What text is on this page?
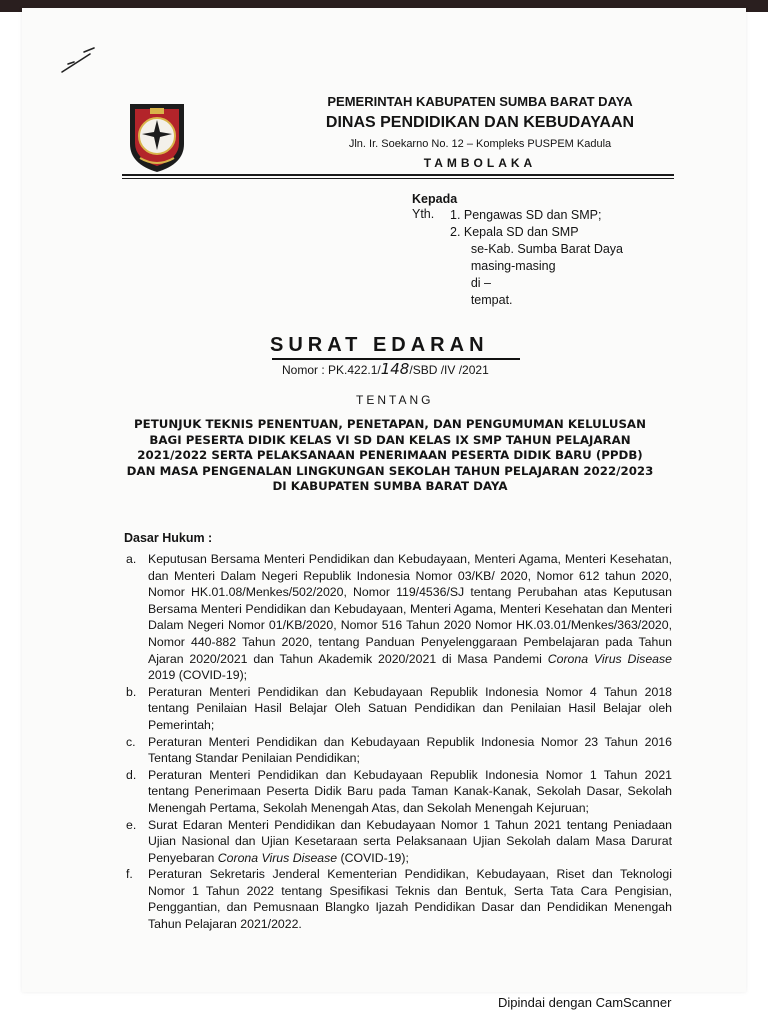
PEMERINTAH KABUPATEN SUMBA BARAT DAYA
DINAS PENDIDIKAN DAN KEBUDAYAAN
Jln. Ir. Soekarno No. 12 – Kompleks PUSPEM Kadula
TAMBOLAKA
Kepada
Yth. 1. Pengawas SD dan SMP;
2. Kepala SD dan SMP
se-Kab. Sumba Barat Daya
masing-masing
di –
tempat.
SURAT EDARAN
Nomor : PK.422.1/148/SBD /IV /2021
TENTANG
PETUNJUK TEKNIS PENENTUAN, PENETAPAN, DAN PENGUMUMAN KELULUSAN
BAGI PESERTA DIDIK KELAS VI SD DAN KELAS IX SMP TAHUN PELAJARAN
2021/2022 SERTA PELAKSANAAN PENERIMAAN PESERTA DIDIK BARU (PPDB)
DAN MASA PENGENALAN LINGKUNGAN SEKOLAH TAHUN PELAJARAN 2022/2023
DI KABUPATEN SUMBA BARAT DAYA
Dasar Hukum :
a. Keputusan Bersama Menteri Pendidikan dan Kebudayaan, Menteri Agama, Menteri Kesehatan, dan Menteri Dalam Negeri Republik Indonesia Nomor 03/KB/ 2020, Nomor 612 tahun 2020, Nomor HK.01.08/Menkes/502/2020, Nomor 119/4536/SJ tentang Perubahan atas Keputusan Bersama Menteri Pendidikan dan Kebudayaan, Menteri Agama, Menteri Kesehatan dan Menteri Dalam Negeri Nomor 01/KB/2020, Nomor 516 Tahun 2020 Nomor HK.03.01/Menkes/363/2020, Nomor 440-882 Tahun 2020, tentang Panduan Penyelenggaraan Pembelajaran pada Tahun Ajaran 2020/2021 dan Tahun Akademik 2020/2021 di Masa Pandemi Corona Virus Disease 2019 (COVID-19);
b. Peraturan Menteri Pendidikan dan Kebudayaan Republik Indonesia Nomor 4 Tahun 2018 tentang Penilaian Hasil Belajar Oleh Satuan Pendidikan dan Penilaian Hasil Belajar oleh Pemerintah;
c. Peraturan Menteri Pendidikan dan Kebudayaan Republik Indonesia Nomor 23 Tahun 2016 Tentang Standar Penilaian Pendidikan;
d. Peraturan Menteri Pendidikan dan Kebudayaan Republik Indonesia Nomor 1 Tahun 2021 tentang Penerimaan Peserta Didik Baru pada Taman Kanak-Kanak, Sekolah Dasar, Sekolah Menengah Pertama, Sekolah Menengah Atas, dan Sekolah Menengah Kejuruan;
e. Surat Edaran Menteri Pendidikan dan Kebudayaan Nomor 1 Tahun 2021 tentang Peniadaan Ujian Nasional dan Ujian Kesetaraan serta Pelaksanaan Ujian Sekolah dalam Masa Darurat Penyebaran Corona Virus Disease (COVID-19);
f. Peraturan Sekretaris Jenderal Kementerian Pendidikan, Kebudayaan, Riset dan Teknologi Nomor 1 Tahun 2022 tentang Spesifikasi Teknis dan Bentuk, Serta Tata Cara Pengisian, Penggantian, dan Pemusnaan Blangko Ijazah Pendidikan Dasar dan Pendidikan Menengah Tahun Pelajaran 2021/2022.
Dipindai dengan CamScanner
